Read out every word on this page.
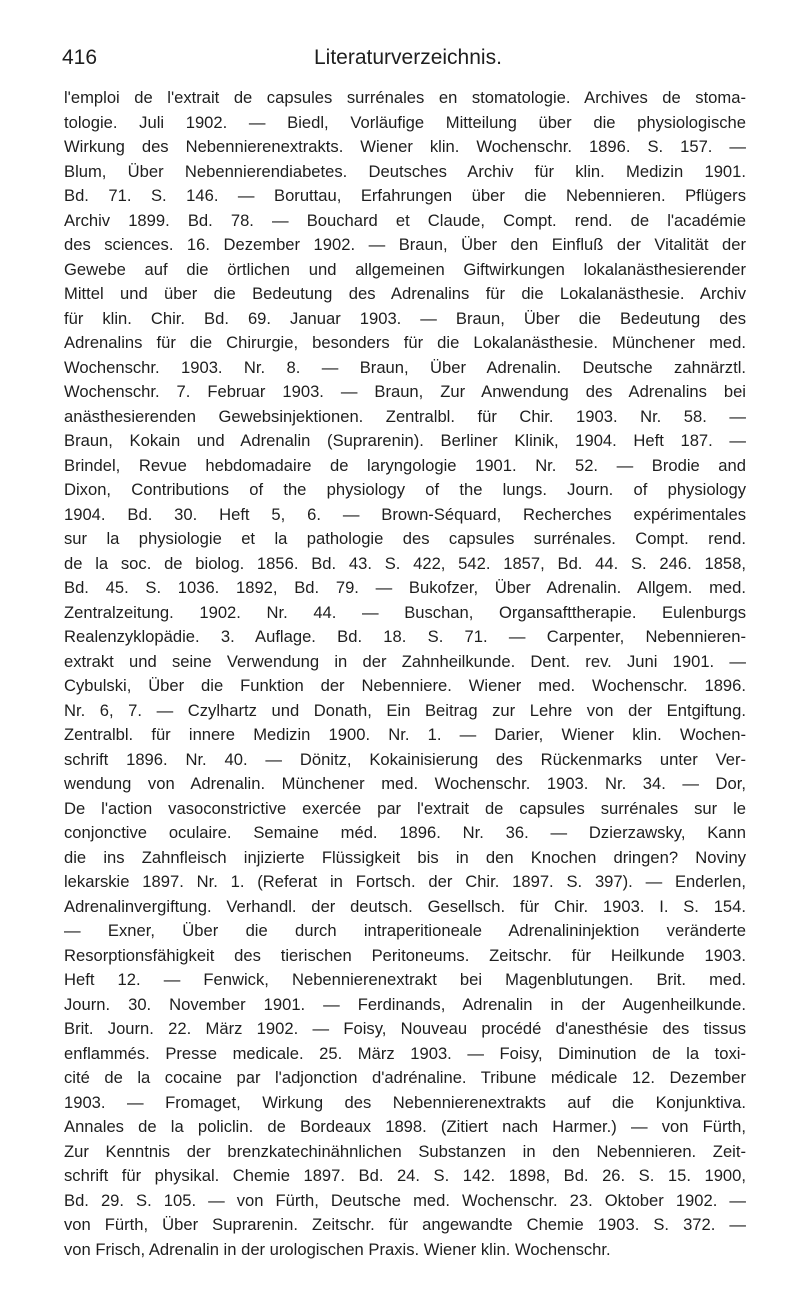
416	Literaturverzeichnis.
l'emploi de l'extrait de capsules surrénales en stomatologie. Archives de stoma-
tologie. Juli 1902. — Biedl, Vorläufige Mitteilung über die physiologische
Wirkung des Nebennierenextrakts. Wiener klin. Wochenschr. 1896. S. 157. —
Blum, Über Nebennierendiabetes. Deutsches Archiv für klin. Medizin 1901.
Bd. 71. S. 146. — Boruttau, Erfahrungen über die Nebennieren. Pflügers
Archiv 1899. Bd. 78. — Bouchard et Claude, Compt. rend. de l'académie
des sciences. 16. Dezember 1902. — Braun, Über den Einfluß der Vitalität der
Gewebe auf die örtlichen und allgemeinen Giftwirkungen lokalanästhesierender
Mittel und über die Bedeutung des Adrenalins für die Lokalanästhesie. Archiv
für klin. Chir. Bd. 69. Januar 1903. — Braun, Über die Bedeutung des
Adrenalins für die Chirurgie, besonders für die Lokalanästhesie. Münchener med.
Wochenschr. 1903. Nr. 8. — Braun, Über Adrenalin. Deutsche zahnärztl.
Wochenschr. 7. Februar 1903. — Braun, Zur Anwendung des Adrenalins bei
anästhesierenden Gewebsinjektionen. Zentralbl. für Chir. 1903. Nr. 58. —
Braun, Kokain und Adrenalin (Suprarenin). Berliner Klinik, 1904. Heft 187. —
Brindel, Revue hebdomadaire de laryngologie 1901. Nr. 52. — Brodie and
Dixon, Contributions of the physiology of the lungs. Journ. of physiology
1904. Bd. 30. Heft 5, 6. — Brown-Séquard, Recherches expérimentales
sur la physiologie et la pathologie des capsules surrénales. Compt. rend.
de la soc. de biolog. 1856. Bd. 43. S. 422, 542. 1857, Bd. 44. S. 246. 1858,
Bd. 45. S. 1036. 1892, Bd. 79. — Bukofzer, Über Adrenalin. Allgem. med.
Zentralzeitung. 1902. Nr. 44. — Buschan, Organsafttherapie. Eulenburgs
Realenzyklopädie. 3. Auflage. Bd. 18. S. 71. — Carpenter, Nebennieren-
extrakt und seine Verwendung in der Zahnheilkunde. Dent. rev. Juni 1901. —
Cybulski, Über die Funktion der Nebenniere. Wiener med. Wochenschr. 1896.
Nr. 6, 7. — Czylhartz und Donath, Ein Beitrag zur Lehre von der Entgiftung.
Zentralbl. für innere Medizin 1900. Nr. 1. — Darier, Wiener klin. Wochen-
schrift 1896. Nr. 40. — Dönitz, Kokainisierung des Rückenmarks unter Ver-
wendung von Adrenalin. Münchener med. Wochenschr. 1903. Nr. 34. — Dor,
De l'action vasoconstrictive exercée par l'extrait de capsules surrénales sur le
conjonctive oculaire. Semaine méd. 1896. Nr. 36. — Dzierzawsky, Kann
die ins Zahnfleisch injizierte Flüssigkeit bis in den Knochen dringen? Noviny
lekarskie 1897. Nr. 1. (Referat in Fortsch. der Chir. 1897. S. 397). — Enderlen,
Adrenalinvergiftung. Verhandl. der deutsch. Gesellsch. für Chir. 1903. I. S. 154.
— Exner, Über die durch intraperitioneale Adrenalininjektion veränderte
Resorptionsfähigkeit des tierischen Peritoneums. Zeitschr. für Heilkunde 1903.
Heft 12. — Fenwick, Nebennierenextrakt bei Magenblutungen. Brit. med.
Journ. 30. November 1901. — Ferdinands, Adrenalin in der Augenheilkunde.
Brit. Journ. 22. März 1902. — Foisy, Nouveau procédé d'anesthésie des tissus
enflammés. Presse medicale. 25. März 1903. — Foisy, Diminution de la toxi-
cité de la cocaine par l'adjonction d'adrénaline. Tribune médicale 12. Dezember
1903. — Fromaget, Wirkung des Nebennierenextrakts auf die Konjunktiva.
Annales de la policlin. de Bordeaux 1898. (Zitiert nach Harmer.) — von Fürth,
Zur Kenntnis der brenzkatechinähnlichen Substanzen in den Nebennieren. Zeit-
schrift für physikal. Chemie 1897. Bd. 24. S. 142. 1898, Bd. 26. S. 15. 1900,
Bd. 29. S. 105. — von Fürth, Deutsche med. Wochenschr. 23. Oktober 1902. —
von Fürth, Über Suprarenin. Zeitschr. für angewandte Chemie 1903. S. 372. —
von Frisch, Adrenalin in der urologischen Praxis. Wiener klin. Wochenschr.
